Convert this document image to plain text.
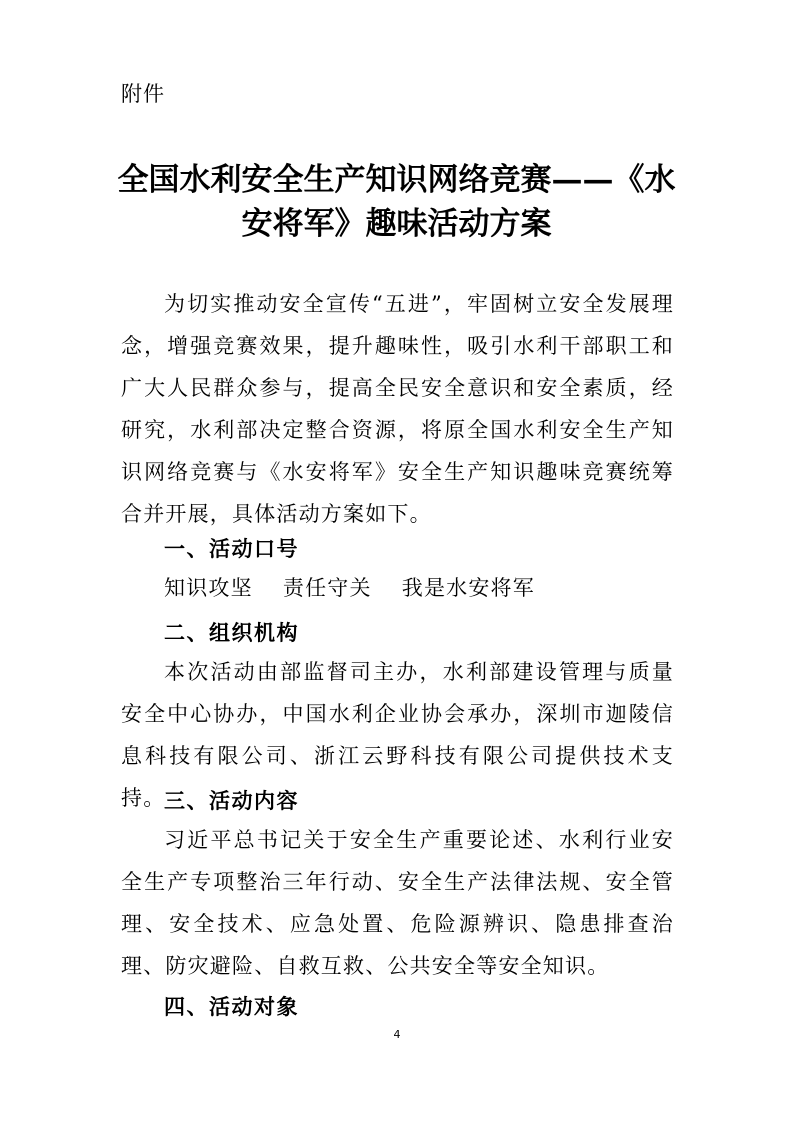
附件
全国水利安全生产知识网络竞赛——《水安将军》趣味活动方案
为切实推动安全宣传“五进”，牢固树立安全发展理念，增强竞赛效果，提升趣味性，吸引水利干部职工和广大人民群众参与，提高全民安全意识和安全素质，经研究，水利部决定整合资源，将原全国水利安全生产知识网络竞赛与《水安将军》安全生产知识趣味竞赛统筹合并开展，具体活动方案如下。
一、活动口号
知识攻坚　 责任守关　 我是水安将军
二、组织机构
本次活动由部监督司主办，水利部建设管理与质量安全中心协办，中国水利企业协会承办，深圳市迦陵信息科技有限公司、浙江云野科技有限公司提供技术支持。
三、活动内容
习近平总书记关于安全生产重要论述、水利行业安全生产专项整治三年行动、安全生产法律法规、安全管理、安全技术、应急处置、危险源辨识、隐患排查治理、防灾避险、自救互救、公共安全等安全知识。
四、活动对象
4
